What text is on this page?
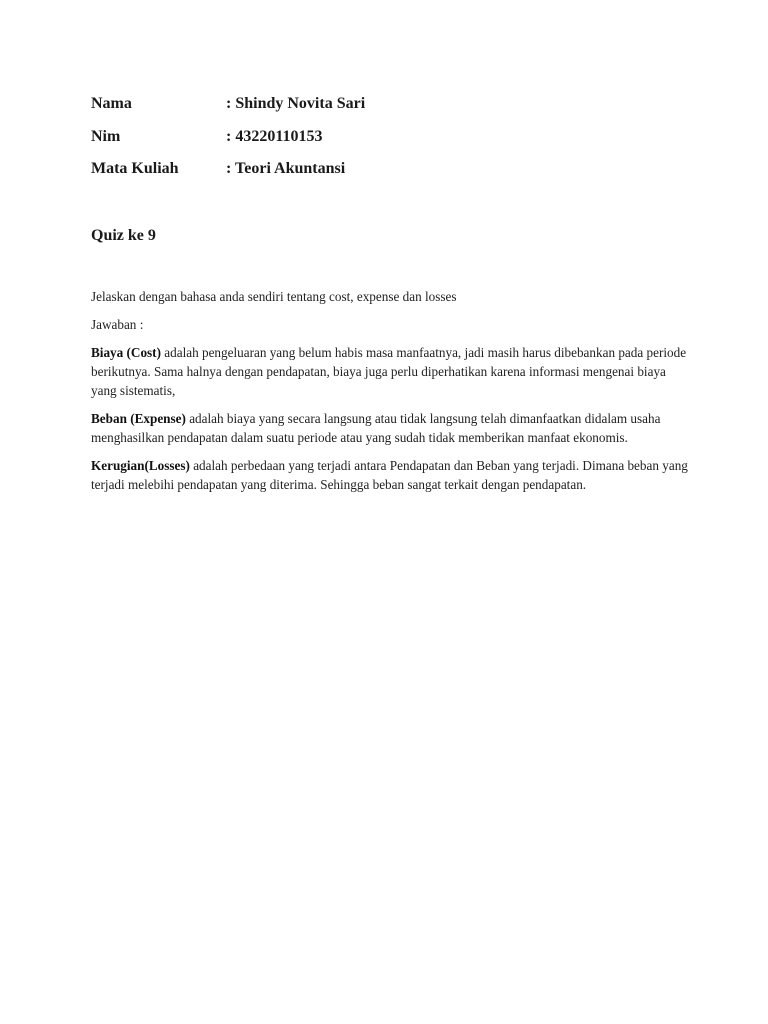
Nama	: Shindy Novita Sari
Nim	: 43220110153
Mata Kuliah	: Teori Akuntansi
Quiz ke 9

Jelaskan dengan bahasa anda sendiri tentang cost, expense dan losses

Jawaban :

Biaya (Cost) adalah pengeluaran yang belum habis masa manfaatnya, jadi masih harus dibebankan pada periode berikutnya. Sama halnya dengan pendapatan, biaya juga perlu diperhatikan karena informasi mengenai biaya yang sistematis,

Beban (Expense) adalah biaya yang secara langsung atau tidak langsung telah dimanfaatkan didalam usaha menghasilkan pendapatan dalam suatu periode atau yang sudah tidak memberikan manfaat ekonomis.

Kerugian(Losses) adalah perbedaan yang terjadi antara Pendapatan dan Beban yang terjadi. Dimana beban yang terjadi melebihi pendapatan yang diterima. Sehingga beban sangat terkait dengan pendapatan.
